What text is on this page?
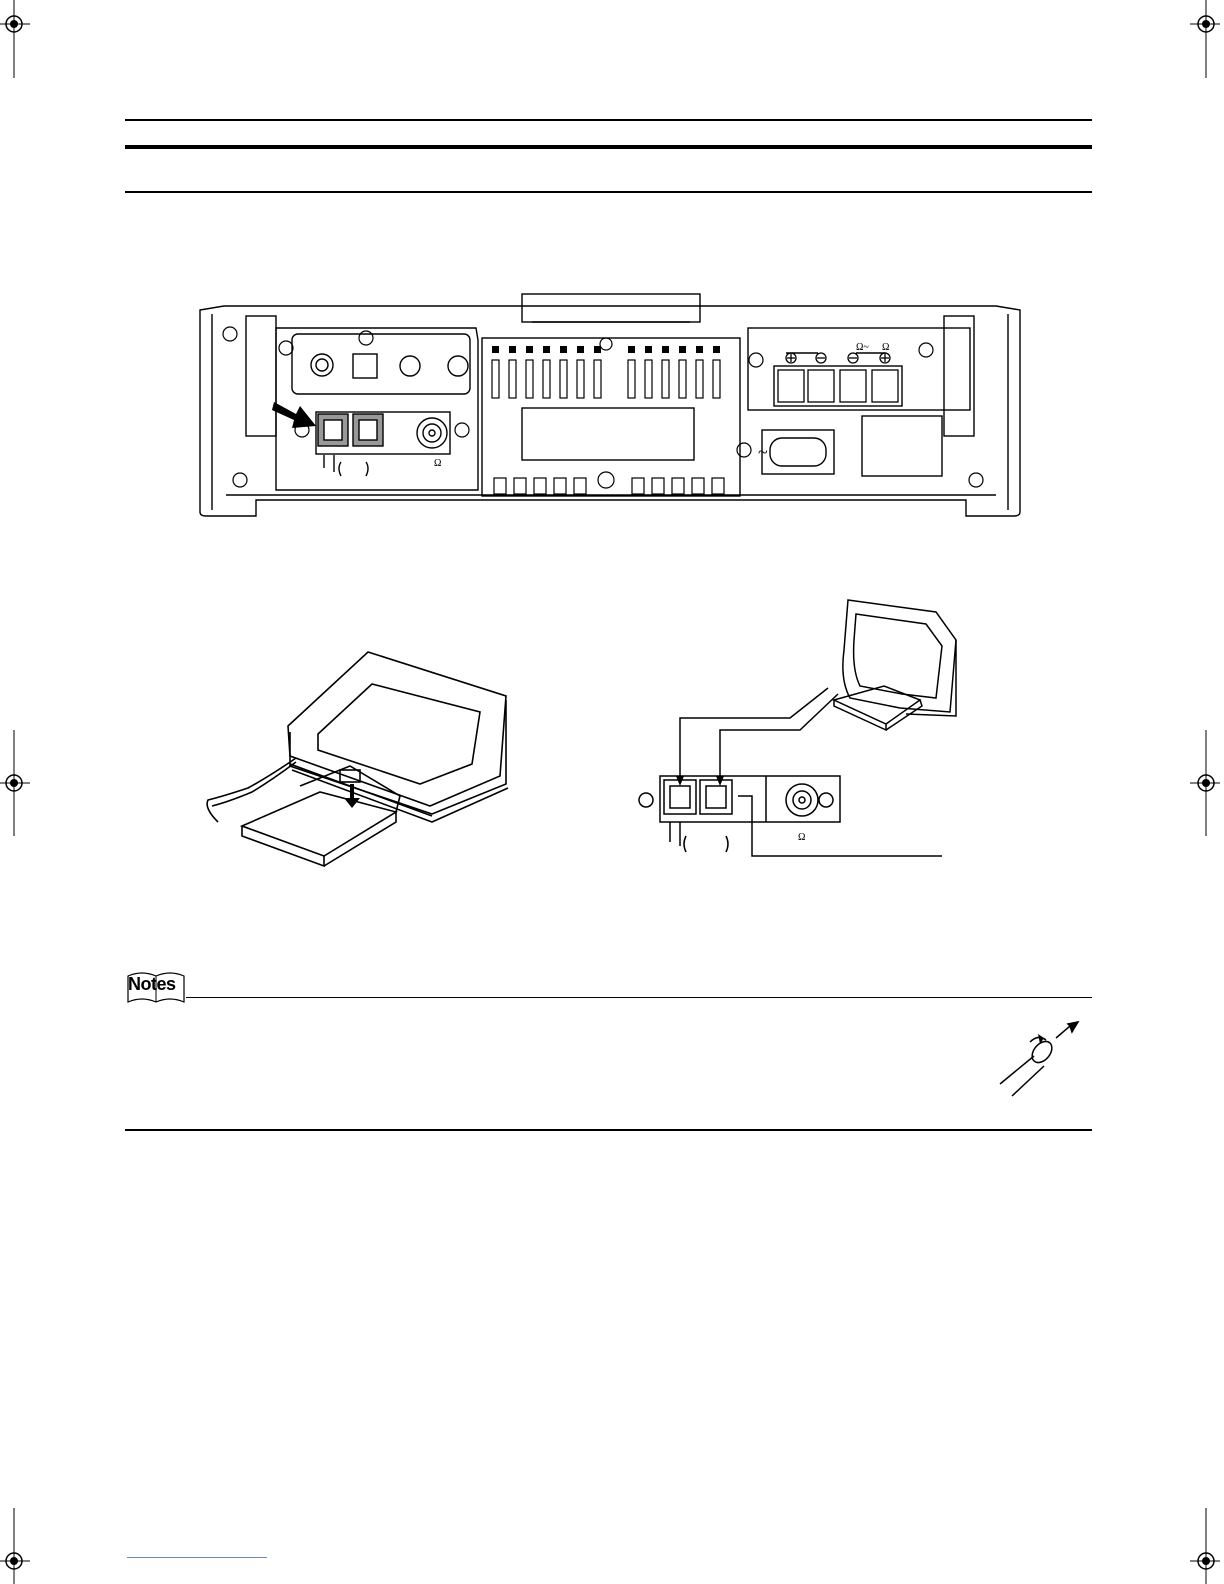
Ω
~
Ω~ Ω
Ω
Notes
